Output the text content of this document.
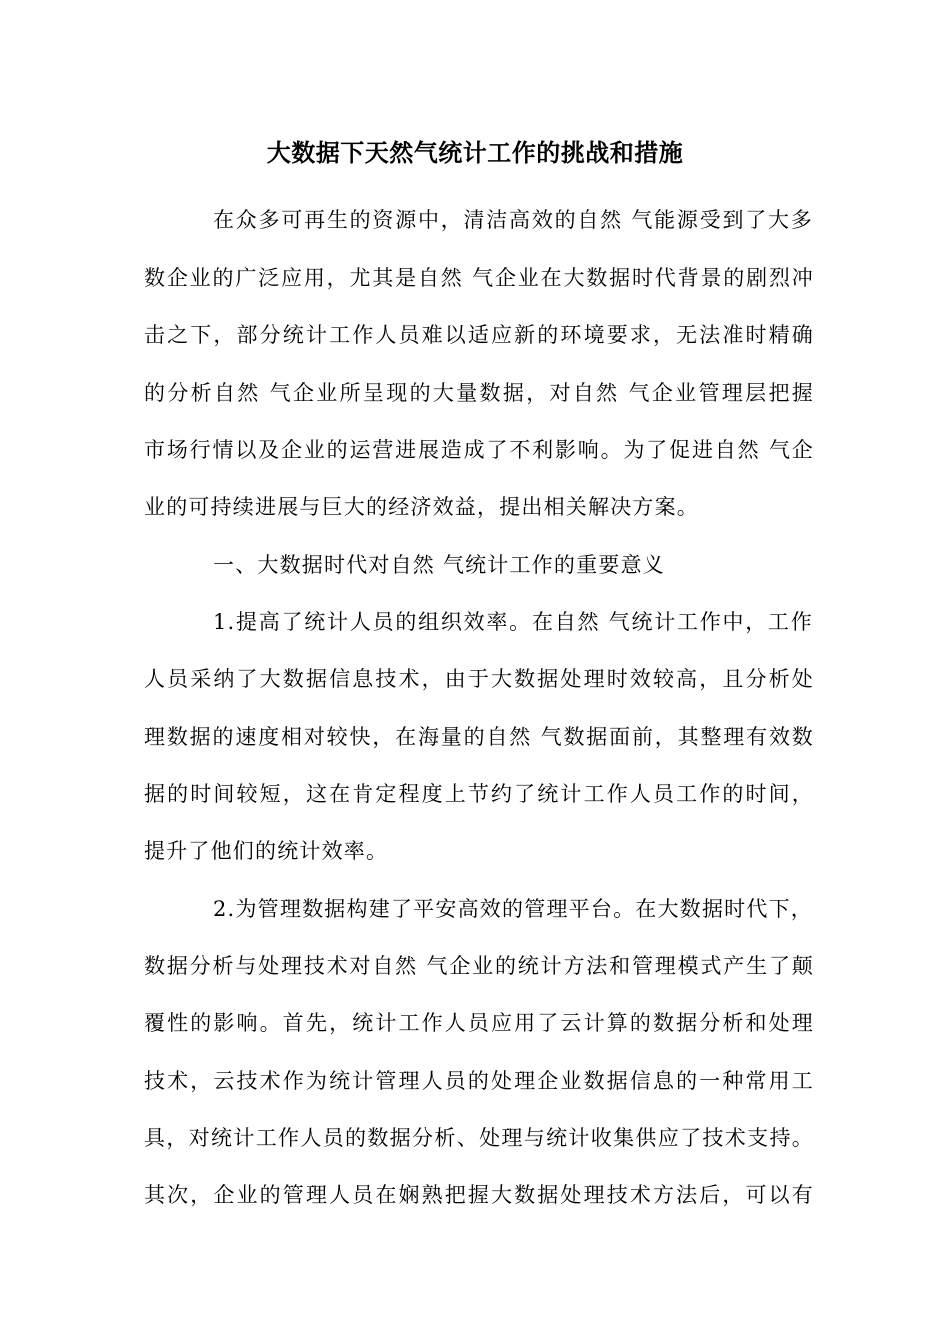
大数据下天然气统计工作的挑战和措施
在众多可再生的资源中，清洁高效的自然 气能源受到了大多
数企业的广泛应用，尤其是自然 气企业在大数据时代背景的剧烈冲
击之下，部分统计工作人员难以适应新的环境要求，无法准时精确
的分析自然 气企业所呈现的大量数据，对自然 气企业管理层把握
市场行情以及企业的运营进展造成了不利影响。为了促进自然 气企
业的可持续进展与巨大的经济效益，提出相关解决方案。
一、大数据时代对自然 气统计工作的重要意义
1.提高了统计人员的组织效率。在自然 气统计工作中，工作
人员采纳了大数据信息技术，由于大数据处理时效较高，且分析处
理数据的速度相对较快，在海量的自然 气数据面前，其整理有效数
据的时间较短，这在肯定程度上节约了统计工作人员工作的时间，
提升了他们的统计效率。
2.为管理数据构建了平安高效的管理平台。在大数据时代下，
数据分析与处理技术对自然 气企业的统计方法和管理模式产生了颠
覆性的影响。首先，统计工作人员应用了云计算的数据分析和处理
技术，云技术作为统计管理人员的处理企业数据信息的一种常用工
具，对统计工作人员的数据分析、处理与统计收集供应了技术支持。
其次，企业的管理人员在娴熟把握大数据处理技术方法后，可以有
